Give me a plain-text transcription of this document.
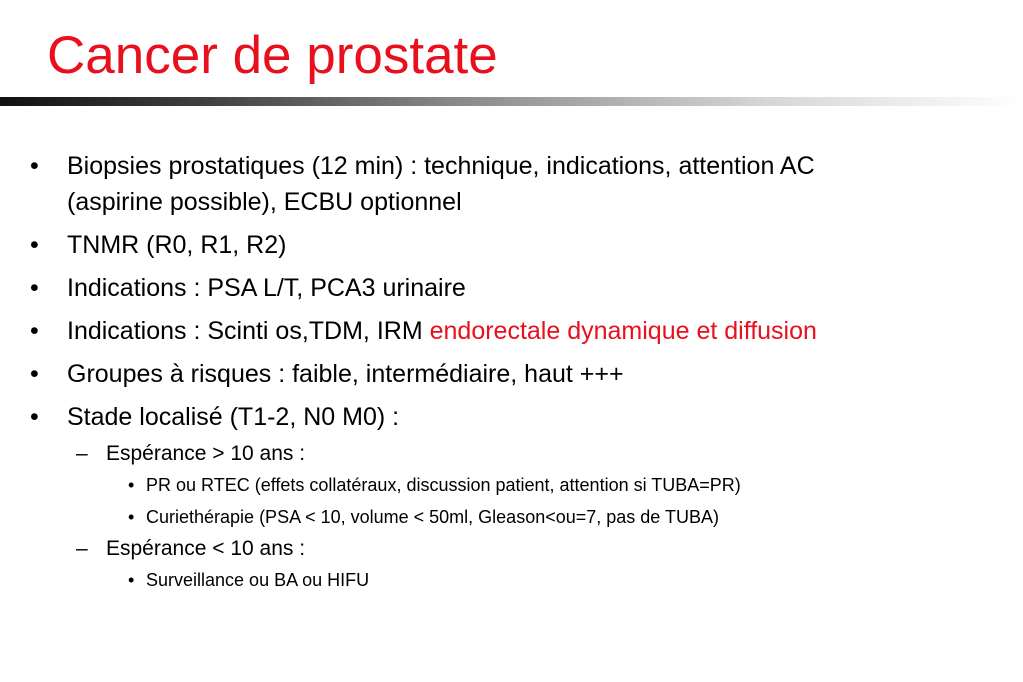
Cancer de prostate
• Biopsies prostatiques (12 min) : technique, indications, attention AC
(aspirine possible), ECBU optionnel
• TNMR (R0, R1, R2)
• Indications : PSA L/T, PCA3 urinaire
• Indications : Scinti os,TDM, IRM endorectale dynamique et diffusion
• Groupes à risques : faible, intermédiaire, haut +++
• Stade localisé (T1-2, N0 M0) :
– Espérance > 10 ans :
• PR ou RTEC (effets collatéraux, discussion patient, attention si TUBA=PR)
• Curiethérapie (PSA < 10, volume < 50ml, Gleason<ou=7, pas de TUBA)
– Espérance < 10 ans :
• Surveillance ou BA ou HIFU
